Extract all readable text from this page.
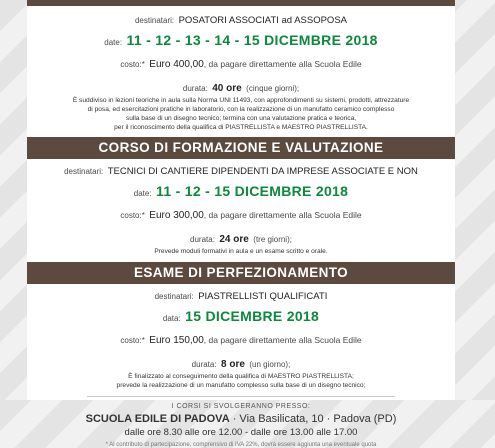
destinatari: POSATORI ASSOCIATI ad ASSOPOSA
date: 11 - 12 - 13 - 14 - 15 DICEMBRE 2018
costo:* Euro 400,00, da pagare direttamente alla Scuola Edile
durata: 40 ore (cinque giorni);
È suddiviso in lezioni teoriche in aula sulla Norma UNI 11493, con approfondimenti su sistemi, prodotti, attrezzature
di posa, ed esercitazioni pratiche in laboratorio, con la realizzazione di un manufatto ceramico complesso
sulla base di un disegno tecnico; termina con una valutazione pratica e teorica,
per il riconoscimento della qualifica di PIASTRELLISTA e MAESTRO PIASTRELLISTA.
CORSO DI FORMAZIONE E VALUTAZIONE
destinatari: TECNICI DI CANTIERE DIPENDENTI DA IMPRESE ASSOCIATE E NON
date: 11 - 12 - 15 DICEMBRE 2018
costo:* Euro 300,00, da pagare direttamente alla Scuola Edile
durata: 24 ore (tre giorni);
Prevede moduli formativi in aula e un esame scritto e orale.
ESAME DI PERFEZIONAMENTO
destinatari: PIASTRELLISTI QUALIFICATI
data: 15 DICEMBRE 2018
costo:* Euro 150,00, da pagare direttamente alla Scuola Edile
durata: 8 ore (un giorno);
È finalizzato al conseguimento della qualifica di MAESTRO PIASTRELLISTA;
prevede la realizzazione di un manufatto complesso sulla base di un disegno tecnico;
I CORSI SI SVOLGERANNO PRESSO:
SCUOLA EDILE DI PADOVA · Via Basilicata, 10 · Padova (PD)
dalle ore 8.30 alle ore 12.00 - dalle ore 13.00 alle 17.00
* Al contributo di partecipazione, comprensivo di IVA 22%, dovrà essere aggiunta una eventuale quota
